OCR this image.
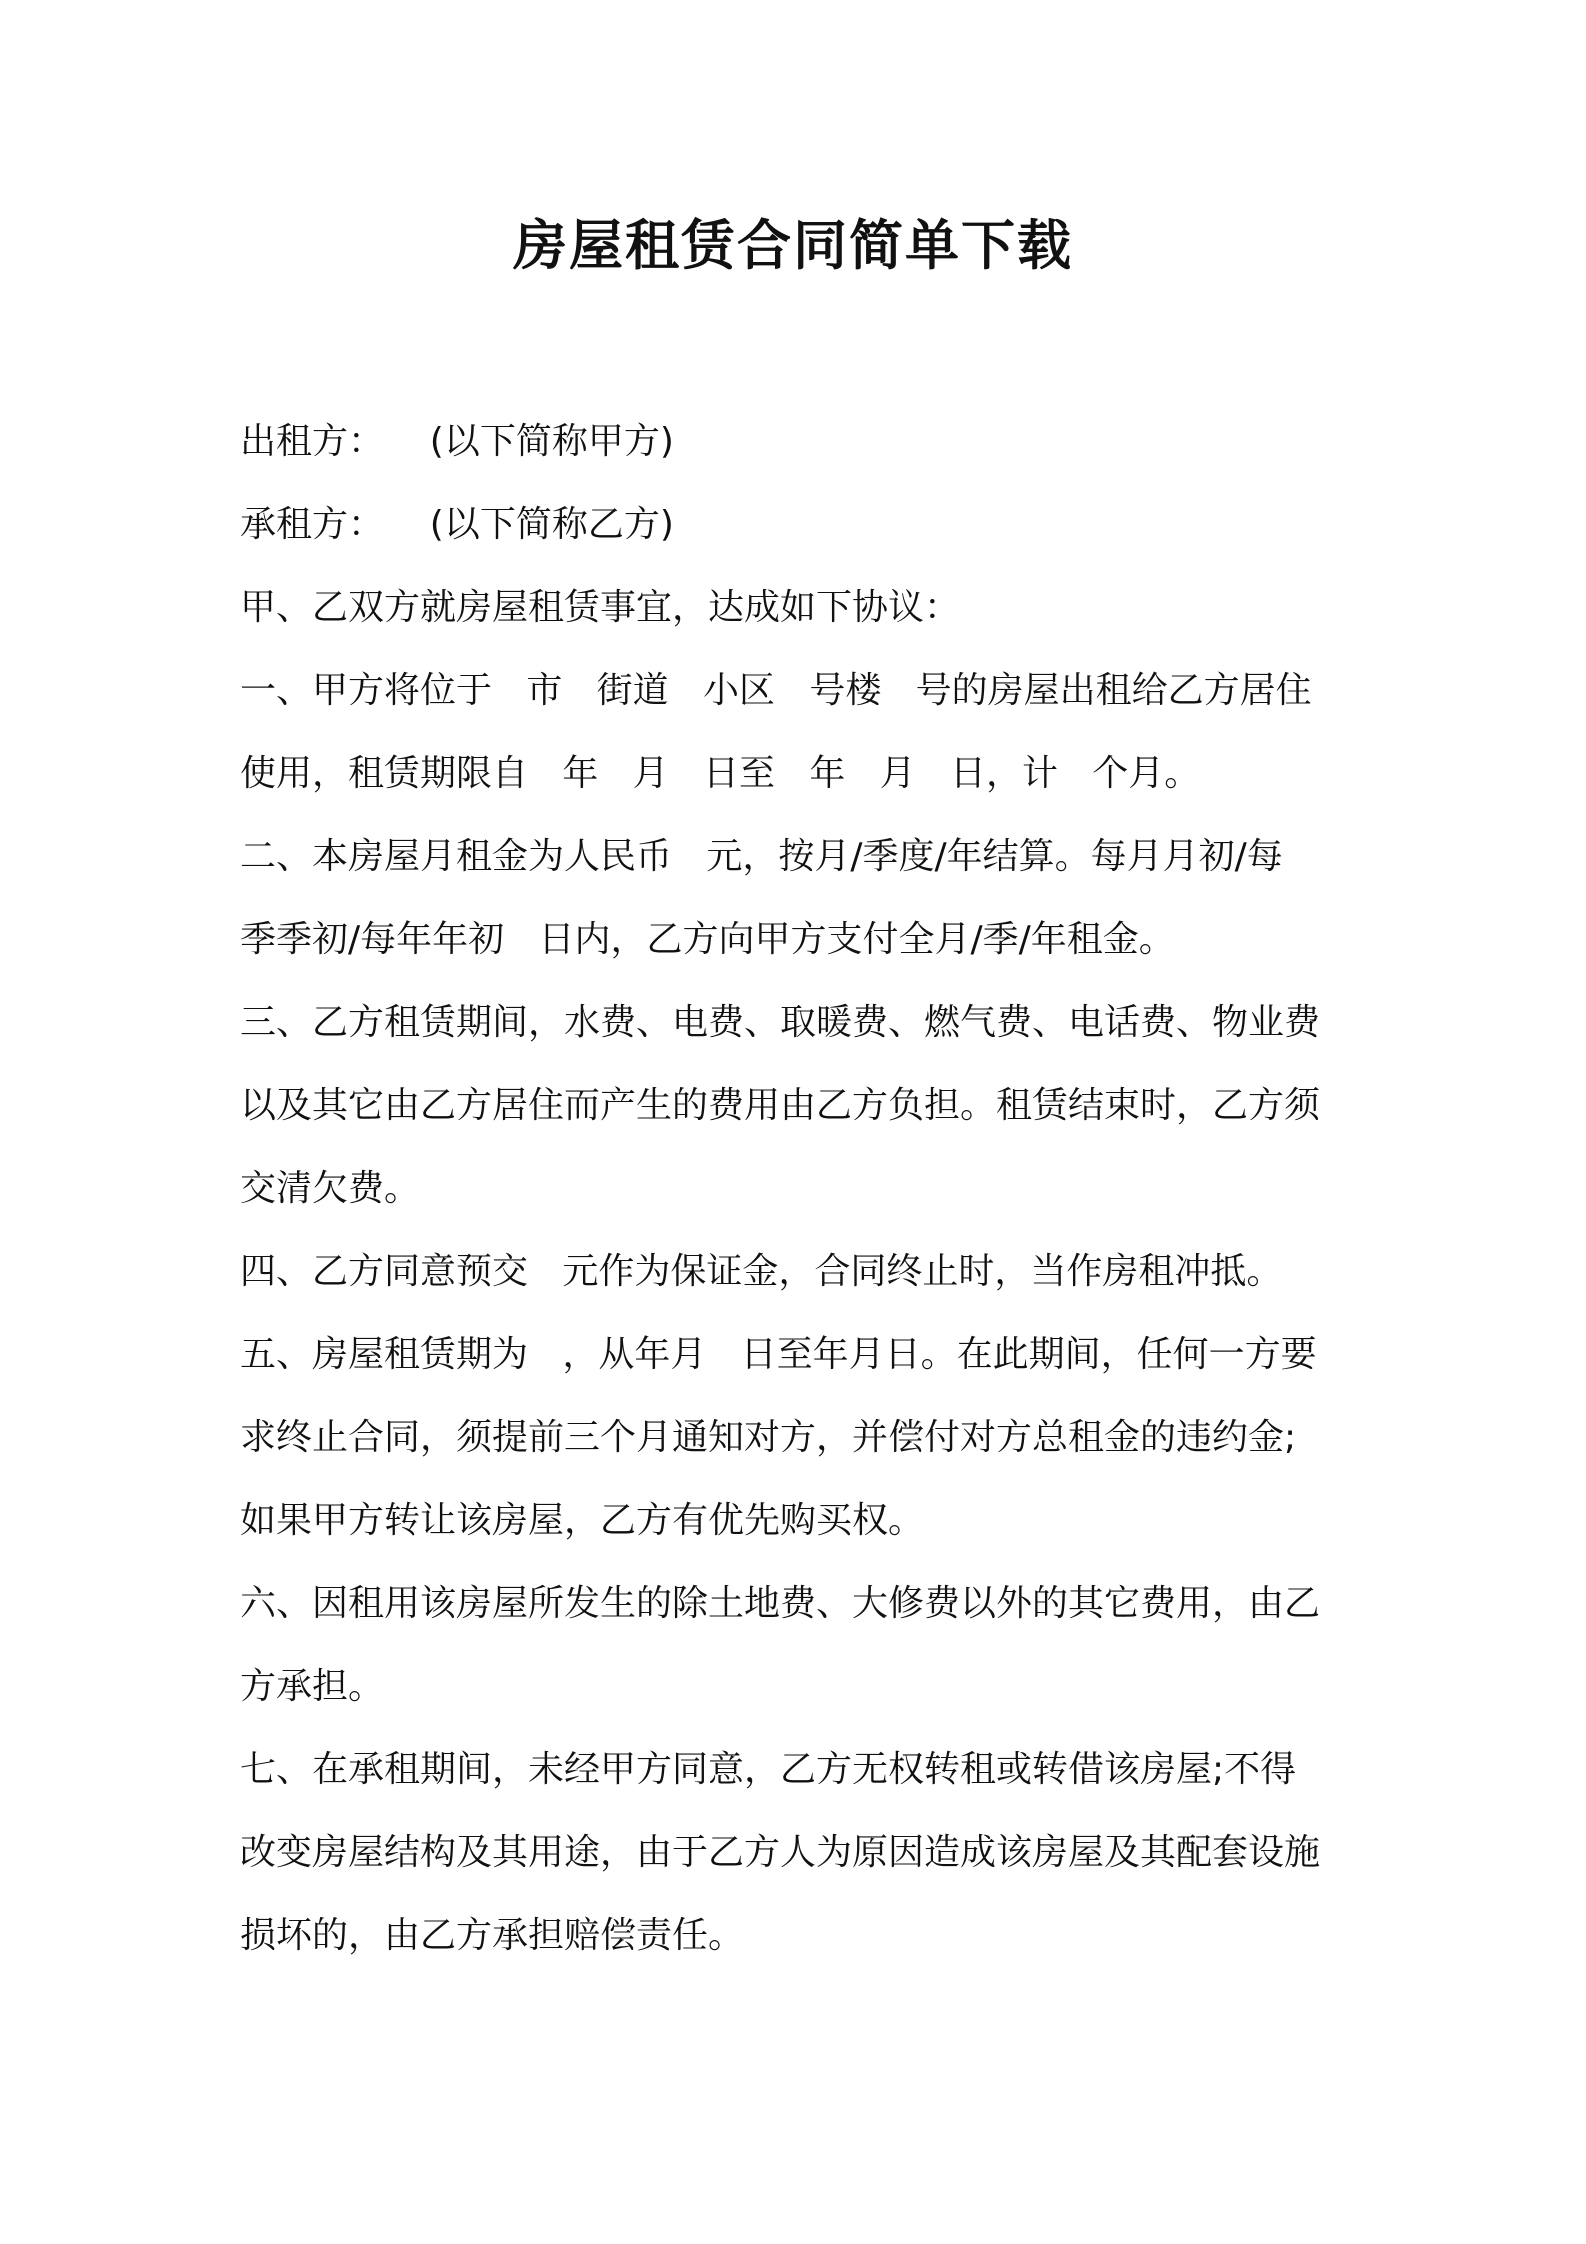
房屋租赁合同简单下载
出租方：    (以下简称甲方)
承租方：    (以下简称乙方)
甲、乙双方就房屋租赁事宜，达成如下协议：
一、甲方将位于   市   街道   小区   号楼   号的房屋出租给乙方居住
使用，租赁期限自   年   月   日至   年   月   日，计   个月。
二、本房屋月租金为人民币   元，按月/季度/年结算。每月月初/每
季季初/每年年初   日内，乙方向甲方支付全月/季/年租金。
三、乙方租赁期间，水费、电费、取暖费、燃气费、电话费、物业费
以及其它由乙方居住而产生的费用由乙方负担。租赁结束时，乙方须
交清欠费。
四、乙方同意预交   元作为保证金，合同终止时，当作房租冲抵。
五、房屋租赁期为   ，从年月   日至年月日。在此期间，任何一方要
求终止合同，须提前三个月通知对方，并偿付对方总租金的违约金;
如果甲方转让该房屋，乙方有优先购买权。
六、因租用该房屋所发生的除土地费、大修费以外的其它费用，由乙
方承担。
七、在承租期间，未经甲方同意，乙方无权转租或转借该房屋;不得
改变房屋结构及其用途，由于乙方人为原因造成该房屋及其配套设施
损坏的，由乙方承担赔偿责任。
